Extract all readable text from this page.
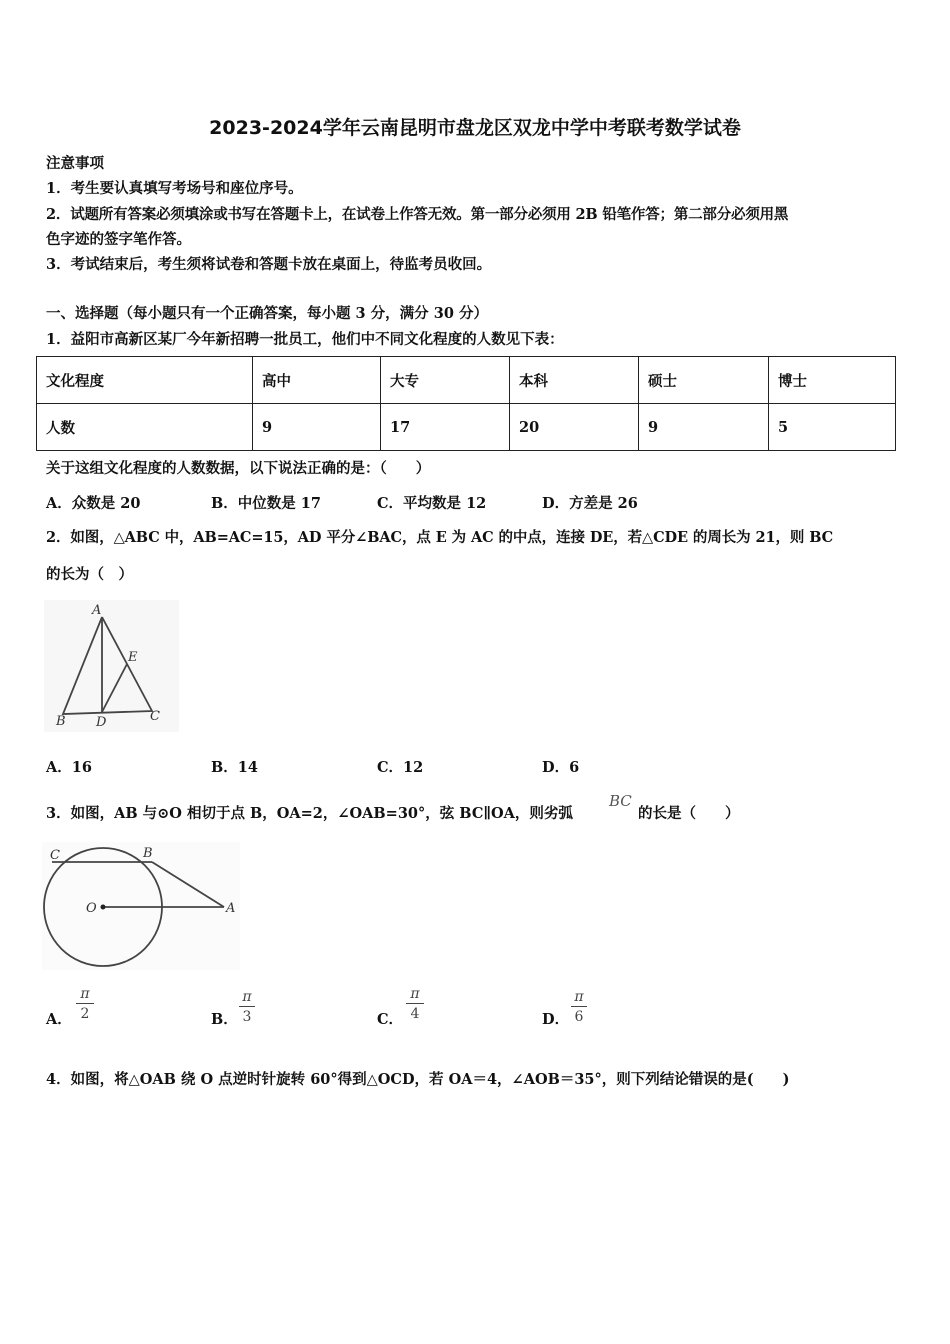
2023-2024学年云南昆明市盘龙区双龙中学中考联考数学试卷
注意事项
1．考生要认真填写考场号和座位序号。
2．试题所有答案必须填涂或书写在答题卡上，在试卷上作答无效。第一部分必须用 2B 铅笔作答；第二部分必须用黑
色字迹的签字笔作答。
3．考试结束后，考生须将试卷和答题卡放在桌面上，待监考员收回。
一、选择题（每小题只有一个正确答案，每小题 3 分，满分 30 分）
1．益阳市高新区某厂今年新招聘一批员工，他们中不同文化程度的人数见下表：
文化程度	高中	大专	本科	硕士	博士
人数	9	17	20	9	5
关于这组文化程度的人数数据，以下说法正确的是：（　　）
A．众数是 20	B．中位数是 17	C．平均数是 12	D．方差是 26
2．如图，△ABC 中，AB=AC=15，AD 平分∠BAC，点 E 为 AC 的中点，连接 DE，若△CDE 的周长为 21，则 BC
的长为（　）
A
E
B D	C
A．16	B．14	C．12	D．6
3．如图，AB 与⊙O 相切于点 B，OA=2，∠OAB=30°，弦 BC∥OA，则劣弧
BC
的长是（　　）
C	B
O	A
A． $\frac{\pi}{2}$	B． $\frac{\pi}{3}$	C． $\frac{\pi}{4}$	D． $\frac{\pi}{6}$
4．如图，将△OAB 绕 O 点逆时针旋转 60°得到△OCD，若 OA＝4，∠AOB＝35°，则下列结论错误的是(　　)
